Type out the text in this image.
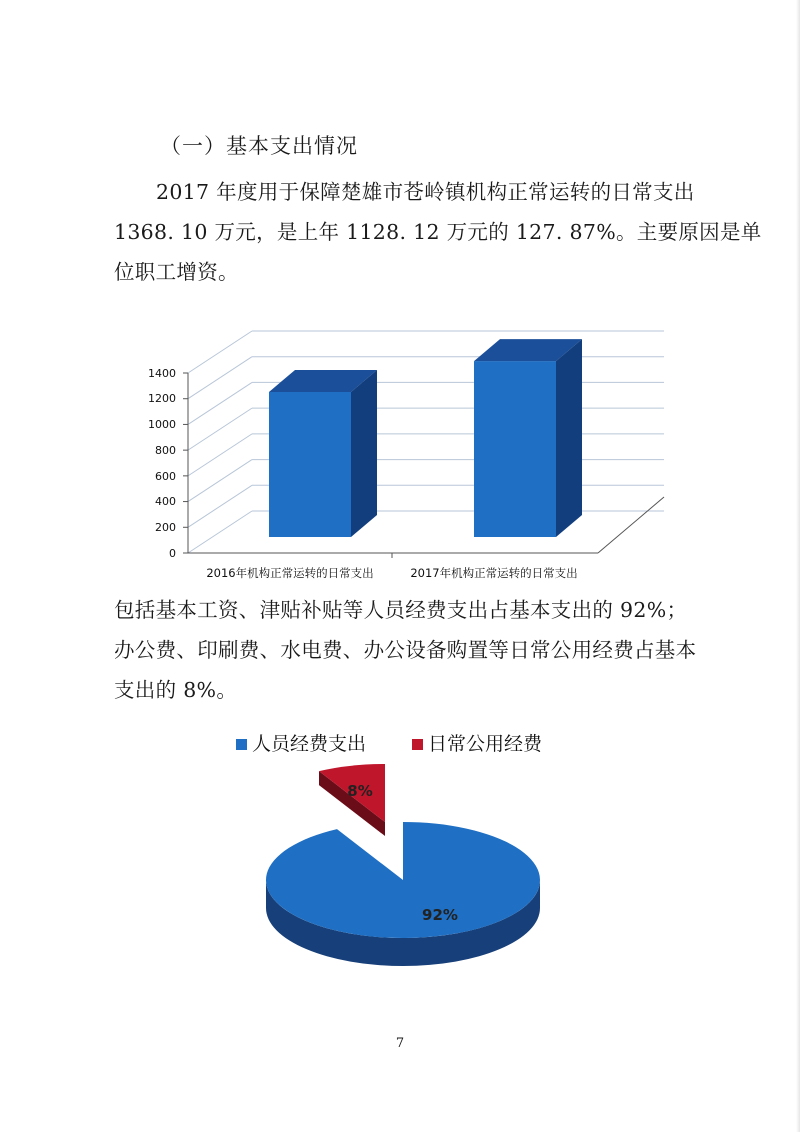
（一）基本支出情况

2017 年度用于保障楚雄市苍岭镇机构正常运转的日常支出
1368. 10 万元，是上年 1128. 12 万元的 127. 87%。主要原因是单
位职工增资。

0
200
400
600
800
1000
1200
1400
2016年机构正常运转的日常支出	2017年机构正常运转的日常支出

包括基本工资、津贴补贴等人员经费支出占基本支出的 92%；
办公费、印刷费、水电费、办公设备购置等日常公用经费占基本
支出的 8%。

人员经费支出	日常公用经费
92%
8%
7
